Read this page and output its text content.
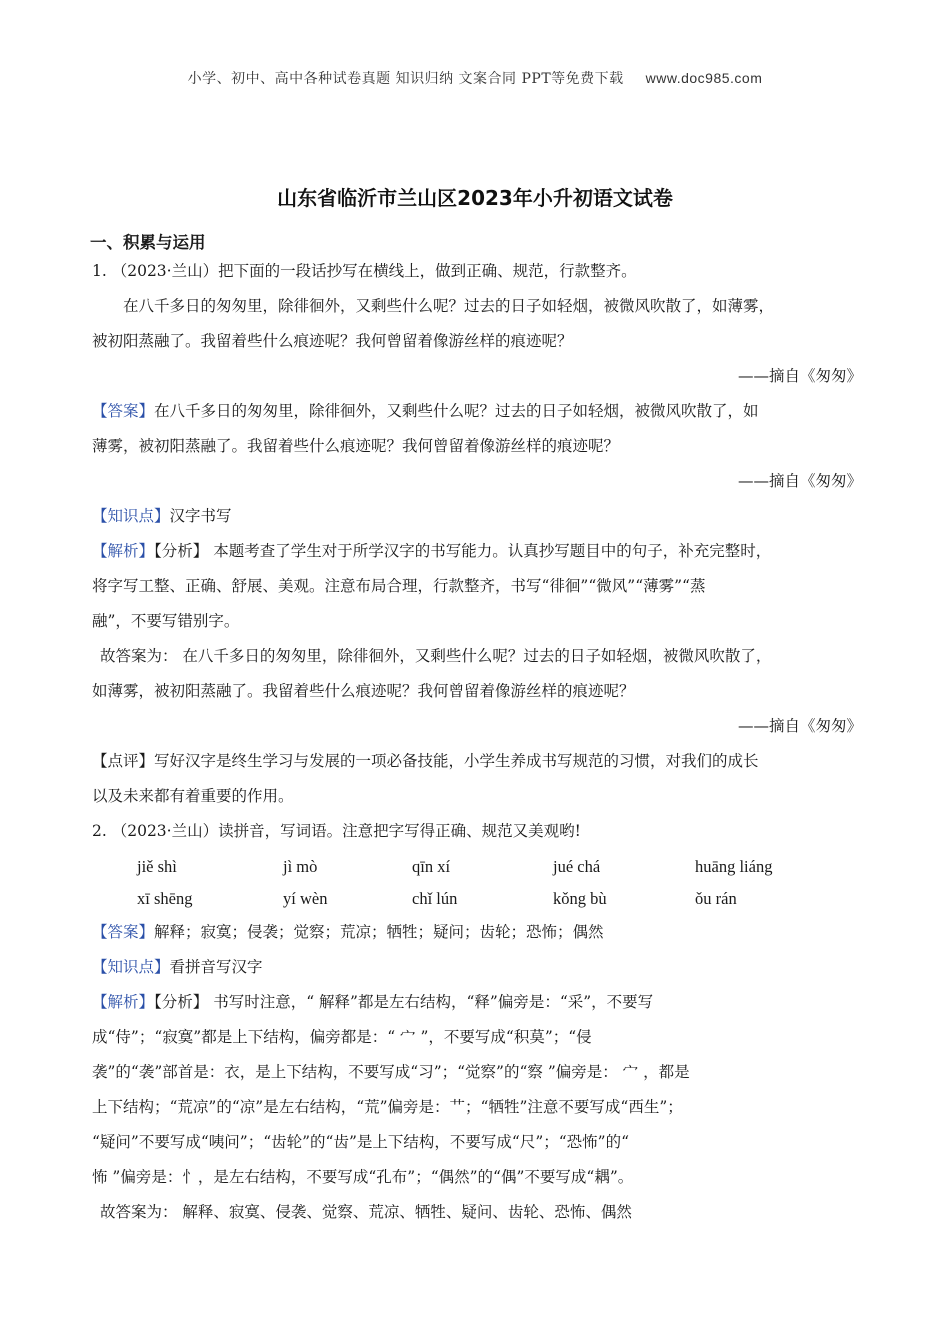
小学、初中、高中各种试卷真题 知识归纳 文案合同 PPT等免费下载 www.doc985.com
山东省临沂市兰山区2023年小升初语文试卷
一、积累与运用
1. （2023·兰山）把下面的一段话抄写在横线上，做到正确、规范，行款整齐。
在八千多日的匆匆里，除徘徊外，又剩些什么呢？过去的日子如轻烟，被微风吹散了，如薄雾，
被初阳蒸融了。我留着些什么痕迹呢？我何曾留着像游丝样的痕迹呢？
——摘自《匆匆》
【答案】在八千多日的匆匆里，除徘徊外，又剩些什么呢？过去的日子如轻烟，被微风吹散了，如
薄雾，被初阳蒸融了。我留着些什么痕迹呢？我何曾留着像游丝样的痕迹呢？
——摘自《匆匆》
【知识点】汉字书写
【解析】【分析】 本题考查了学生对于所学汉字的书写能力。认真抄写题目中的句子，补充完整时，
将字写工整、正确、舒展、美观。注意布局合理，行款整齐，书写“徘徊”“微风”“薄雾”“蒸
融”，不要写错别字。
故答案为： 在八千多日的匆匆里，除徘徊外，又剩些什么呢？过去的日子如轻烟，被微风吹散了，
如薄雾，被初阳蒸融了。我留着些什么痕迹呢？我何曾留着像游丝样的痕迹呢？
——摘自《匆匆》
【点评】写好汉字是终生学习与发展的一项必备技能，小学生养成书写规范的习惯，对我们的成长
以及未来都有着重要的作用。
2. （2023·兰山）读拼音，写词语。注意把字写得正确、规范又美观哟!
jiě shì	jì mò	qīn xí	jué chá	huāng liáng
xī shēng	yí wèn	chǐ lún	kǒng bù	ǒu rán
【答案】解释；寂寞；侵袭；觉察；荒凉；牺牲；疑问；齿轮；恐怖；偶然
【知识点】看拼音写汉字
【解析】【分析】 书写时注意，“ 解释”都是左右结构，“释”偏旁是：“采”，不要写
成“侍”；“寂寞”都是上下结构，偏旁都是：“ 宀 ”，不要写成“积莫”；“侵
袭”的“袭”部首是：衣，是上下结构，不要写成“习”；“觉察”的“察 ”偏旁是： 宀 ，都是
上下结构；“荒凉”的“凉”是左右结构，“荒”偏旁是：艹；“牺牲”注意不要写成“西生”；
“疑问”不要写成“咦问”；“齿轮”的“齿”是上下结构，不要写成“尺”；“恐怖”的“
怖 ”偏旁是：忄，是左右结构，不要写成“孔布”；“偶然”的“偶”不要写成“耦”。
故答案为： 解释、寂寞、侵袭、觉察、荒凉、牺牲、疑问、齿轮、恐怖、偶然
